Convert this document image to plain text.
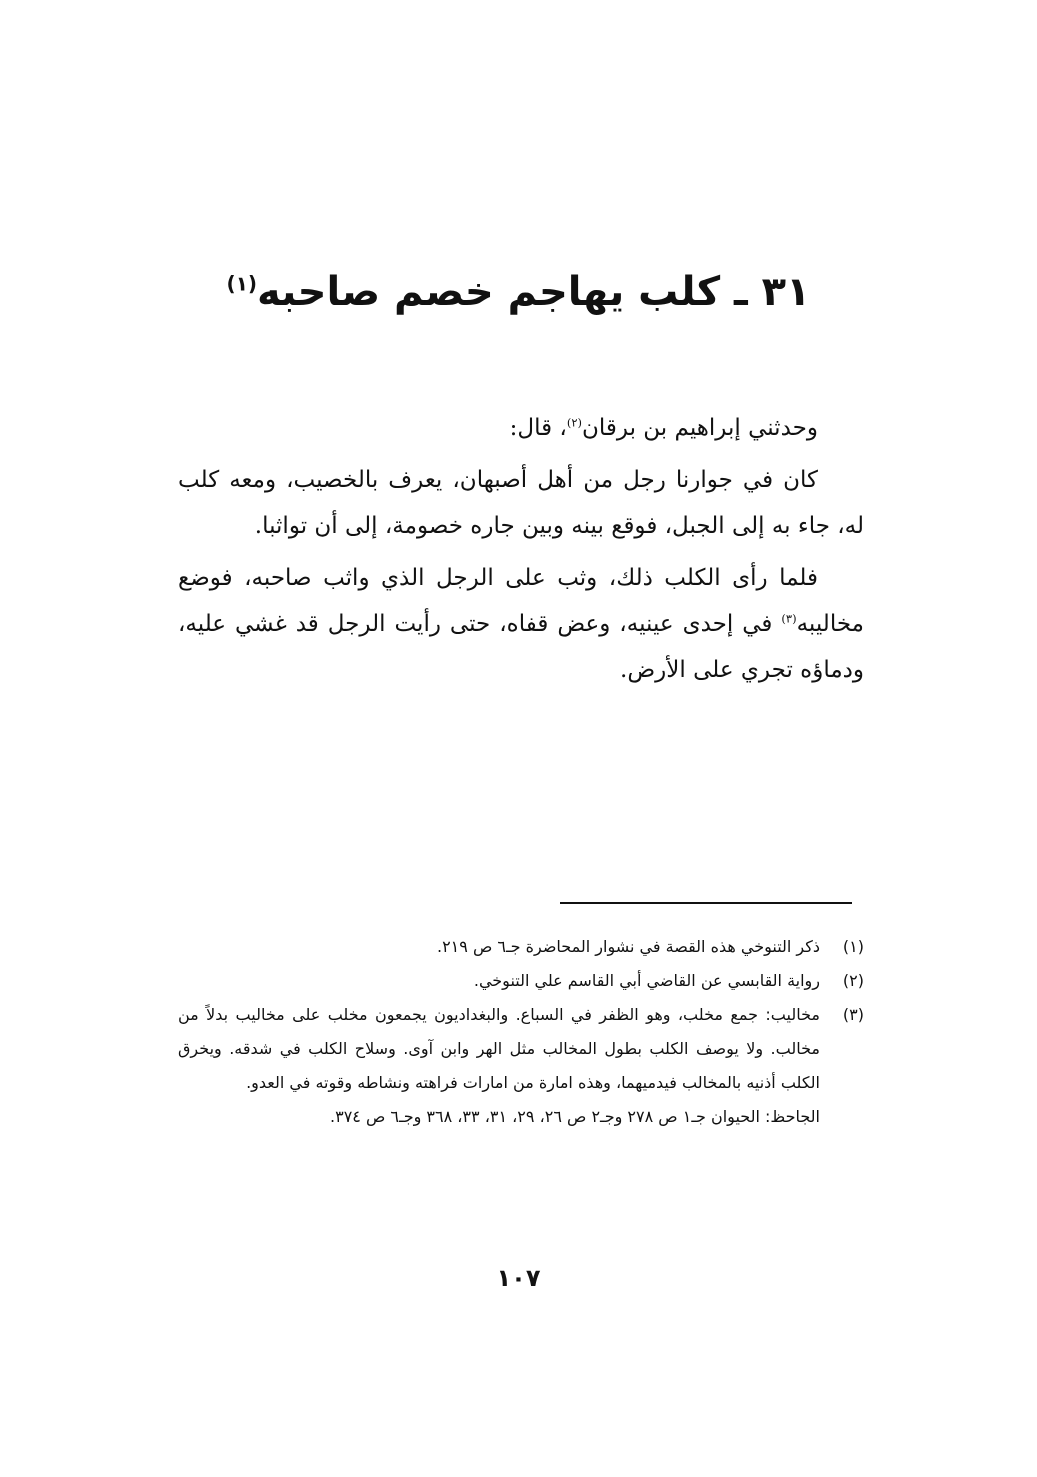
٣١ ـ كلب يهاجم خصم صاحبه$^{(١)}$

وحدثني إبراهيم بن برقان$^{(٢)}$، قال:

كان في جوارنا رجل من أهل أصبهان، يعرف بالخصيب، ومعه كلب له، جاء به إلى الجبل، فوقع بينه وبين جاره خصومة، إلى أن تواثبا.

فلما رأى الكلب ذلك، وثب على الرجل الذي واثب صاحبه، فوضع مخاليبه$^{(٣)}$ في إحدى عينيه، وعض قفاه، حتى رأيت الرجل قد غشي عليه، ودماؤه تجري على الأرض.

(١)
ذكر التنوخي هذه القصة في نشوار المحاضرة جـ٦ ص ٢١٩.
(٢)
رواية القابسي عن القاضي أبي القاسم علي التنوخي.
(٣)
مخاليب: جمع مخلب، وهو الظفر في السباع. والبغداديون يجمعون مخلب على مخاليب بدلاً من مخالب. ولا يوصف الكلب بطول المخالب مثل الهر وابن آوى. وسلاح الكلب في شدقه. ويخرق الكلب أذنيه بالمخالب فيدميهما، وهذه امارة من امارات فراهته ونشاطه وقوته في العدو.
الجاحظ: الحيوان جـ١ ص ٢٧٨ وجـ٢ ص ٢٦، ٢٩، ٣١، ٣٣، ٣٦٨ وجـ٦ ص ٣٧٤.
١٠٧
